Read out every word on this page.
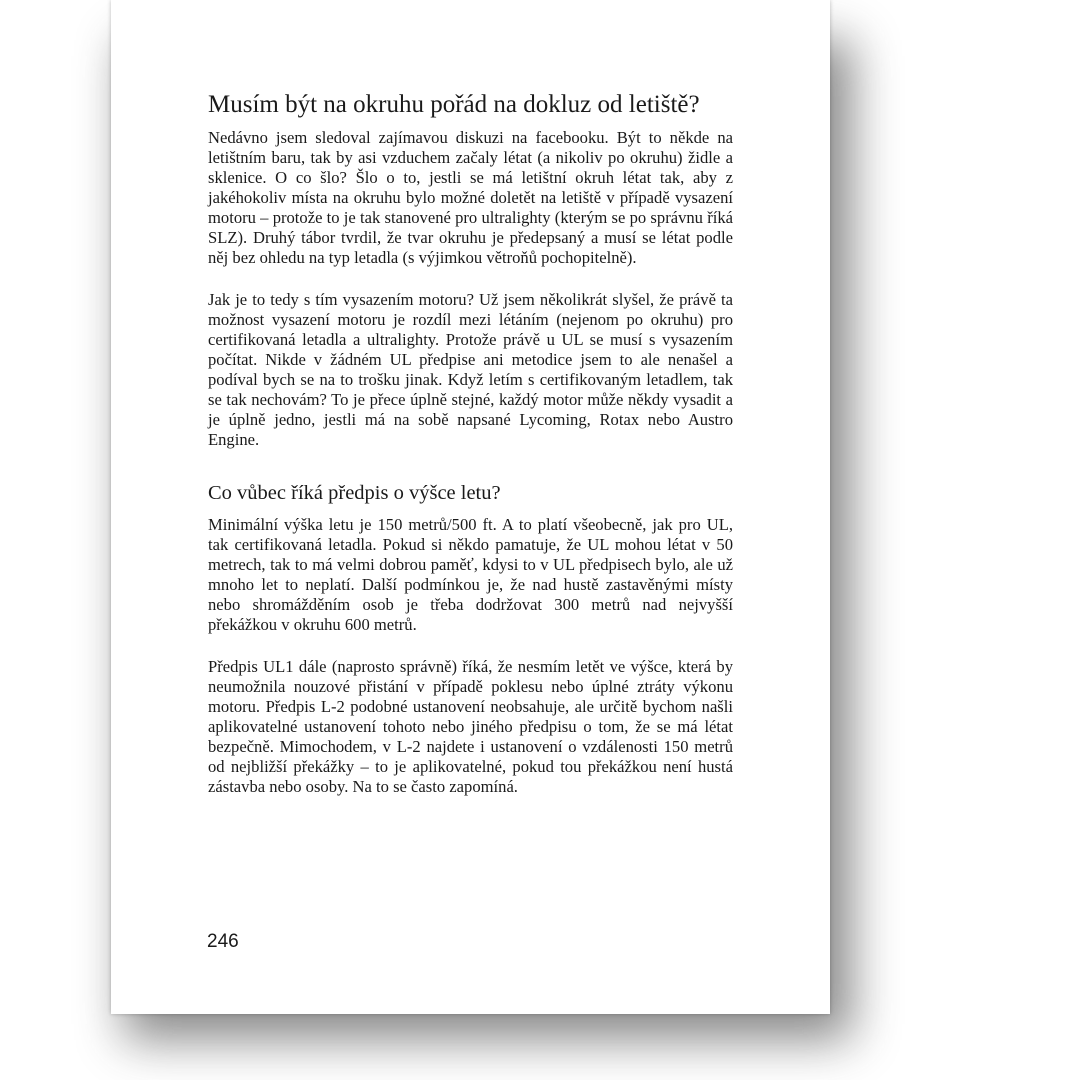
Musím být na okruhu pořád na dokluz od letiště?

Nedávno jsem sledoval zajímavou diskuzi na facebooku. Být to někde na letištním baru, tak by asi vzduchem začaly létat (a nikoliv po okruhu) židle a sklenice. O co šlo? Šlo o to, jestli se má letištní okruh létat tak, aby z jakéhokoliv místa na okruhu bylo možné doletět na letiště v případě vysazení motoru – protože to je tak stanovené pro ultralighty (kterým se po správnu říká SLZ). Druhý tábor tvrdil, že tvar okruhu je předepsaný a musí se létat podle něj bez ohledu na typ letadla (s výjimkou větroňů pochopitelně).

Jak je to tedy s tím vysazením motoru? Už jsem několikrát slyšel, že právě ta možnost vysazení motoru je rozdíl mezi létáním (nejenom po okruhu) pro certifikovaná letadla a ultralighty. Protože právě u UL se musí s vysazením počítat. Nikde v žádném UL předpise ani metodice jsem to ale nenašel a podíval bych se na to trošku jinak. Když letím s certifikovaným letadlem, tak se tak nechovám? To je přece úplně stejné, každý motor může někdy vysadit a je úplně jedno, jestli má na sobě napsané Lycoming, Rotax nebo Austro Engine.

Co vůbec říká předpis o výšce letu?

Minimální výška letu je 150 metrů/500 ft. A to platí všeobecně, jak pro UL, tak certifikovaná letadla. Pokud si někdo pamatuje, že UL mohou létat v 50 metrech, tak to má velmi dobrou paměť, kdysi to v UL předpisech bylo, ale už mnoho let to neplatí. Další podmínkou je, že nad hustě zastavěnými místy nebo shromážděním osob je třeba dodržovat 300 metrů nad nejvyšší překážkou v okruhu 600 metrů.

Předpis UL1 dále (naprosto správně) říká, že nesmím letět ve výšce, která by neumožnila nouzové přistání v případě poklesu nebo úplné ztráty výkonu motoru. Předpis L-2 podobné ustanovení neobsahuje, ale určitě bychom našli aplikovatelné ustanovení tohoto nebo jiného předpisu o tom, že se má létat bezpečně. Mimochodem, v L-2 najdete i ustanovení o vzdálenosti 150 metrů od nejbližší překážky – to je aplikovatelné, pokud tou překážkou není hustá zástavba nebo osoby. Na to se často zapomíná.

246
